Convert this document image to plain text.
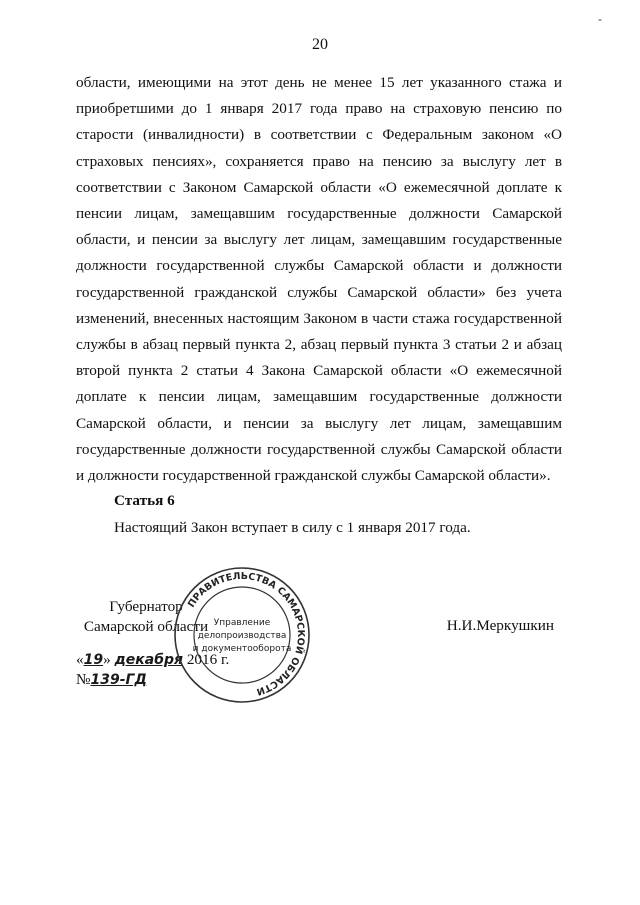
-
20

области, имеющими на этот день не менее 15 лет указанного стажа и приобретшими до 1 января 2017 года право на страховую пенсию по старости (инвалидности) в соответствии с Федеральным законом «О страховых пенсиях», сохраняется право на пенсию за выслугу лет в соответствии с Законом Самарской области «О ежемесячной доплате к пенсии лицам, замещавшим государственные должности Самарской области, и пенсии за выслугу лет лицам, замещавшим государственные должности государственной службы Самарской области и должности государственной гражданской службы Самарской области» без учета изменений, внесенных настоящим Законом в части стажа государственной службы в абзац первый пункта 2, абзац первый пункта 3 статьи 2 и абзац второй пункта 2 статьи 4 Закона Самарской области «О ежемесячной доплате к пенсии лицам, замещавшим государственные должности Самарской области, и пенсии за выслугу лет лицам, замещавшим государственные должности государственной службы Самарской области и должности государственной гражданской службы Самарской области».

Статья 6
Настоящий Закон вступает в силу с 1 января 2017 года.
Губернатор
Самарской области	Н.И.Меркушкин
«19» декабря 2016 г.
№139-ГД
ПРАВИТЕЛЬСТВА САМАРСКОЙ ОБЛАСТИ
Управление
делопроизводства
и документооборота
